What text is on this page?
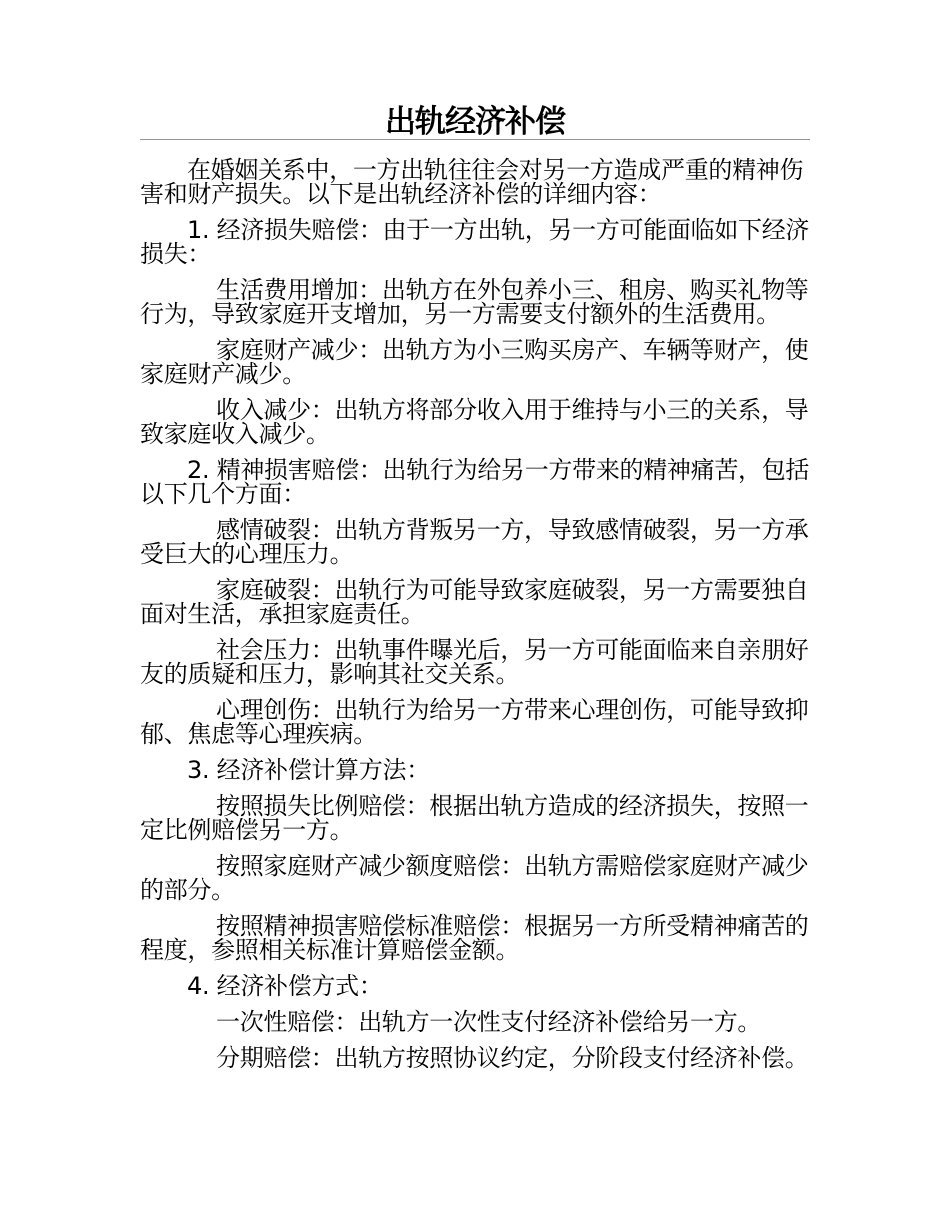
出轨经济补偿

在婚姻关系中，一方出轨往往会对另一方造成严重的精神伤害和财产损失。以下是出轨经济补偿的详细内容：

1. 经济损失赔偿：由于一方出轨，另一方可能面临如下经济损失：

生活费用增加：出轨方在外包养小三、租房、购买礼物等行为，导致家庭开支增加，另一方需要支付额外的生活费用。

家庭财产减少：出轨方为小三购买房产、车辆等财产，使家庭财产减少。

收入减少：出轨方将部分收入用于维持与小三的关系，导致家庭收入减少。

2. 精神损害赔偿：出轨行为给另一方带来的精神痛苦，包括以下几个方面：

感情破裂：出轨方背叛另一方，导致感情破裂，另一方承受巨大的心理压力。

家庭破裂：出轨行为可能导致家庭破裂，另一方需要独自面对生活，承担家庭责任。

社会压力：出轨事件曝光后，另一方可能面临来自亲朋好友的质疑和压力，影响其社交关系。

心理创伤：出轨行为给另一方带来心理创伤，可能导致抑郁、焦虑等心理疾病。

3. 经济补偿计算方法：

按照损失比例赔偿：根据出轨方造成的经济损失，按照一定比例赔偿另一方。

按照家庭财产减少额度赔偿：出轨方需赔偿家庭财产减少的部分。

按照精神损害赔偿标准赔偿：根据另一方所受精神痛苦的程度，参照相关标准计算赔偿金额。

4. 经济补偿方式：

一次性赔偿：出轨方一次性支付经济补偿给另一方。

分期赔偿：出轨方按照协议约定，分阶段支付经济补偿。
